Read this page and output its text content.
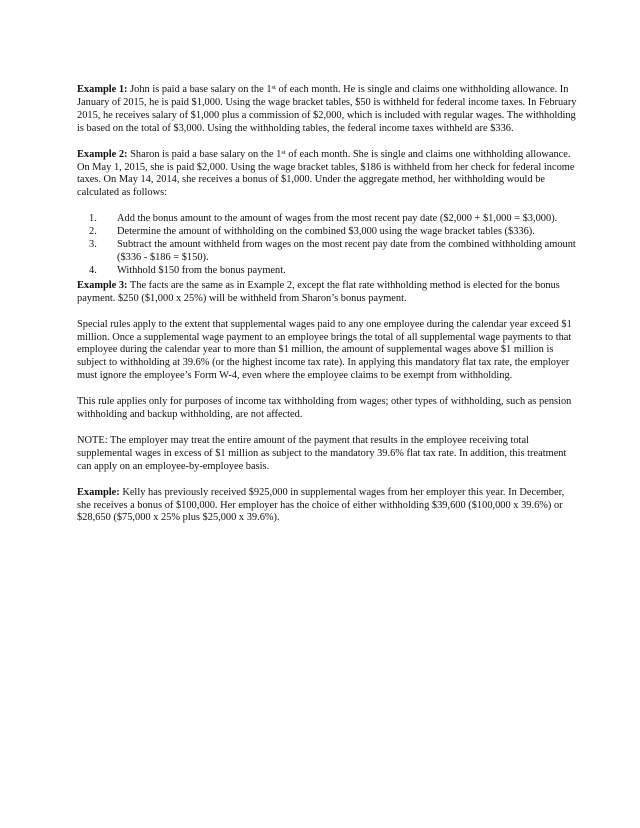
Example 1: John is paid a base salary on the 1st of each month. He is single and claims one withholding allowance. In January of 2015, he is paid $1,000. Using the wage bracket tables, $50 is withheld for federal income taxes. In February 2015, he receives salary of $1,000 plus a commission of $2,000, which is included with regular wages. The withholding is based on the total of $3,000. Using the withholding tables, the federal income taxes withheld are $336.

Example 2: Sharon is paid a base salary on the 1st of each month. She is single and claims one withholding allowance. On May 1, 2015, she is paid $2,000. Using the wage bracket tables, $186 is withheld from her check for federal income taxes. On May 14, 2014, she receives a bonus of $1,000. Under the aggregate method, her withholding would be calculated as follows:

1. Add the bonus amount to the amount of wages from the most recent pay date ($2,000 + $1,000 = $3,000).
2. Determine the amount of withholding on the combined $3,000 using the wage bracket tables ($336).
3. Subtract the amount withheld from wages on the most recent pay date from the combined withholding amount ($336 - $186 = $150).
4. Withhold $150 from the bonus payment.

Example 3: The facts are the same as in Example 2, except the flat rate withholding method is elected for the bonus payment. $250 ($1,000 x 25%) will be withheld from Sharon’s bonus payment.

Special rules apply to the extent that supplemental wages paid to any one employee during the calendar year exceed $1 million. Once a supplemental wage payment to an employee brings the total of all supplemental wage payments to that employee during the calendar year to more than $1 million, the amount of supplemental wages above $1 million is subject to withholding at 39.6% (or the highest income tax rate). In applying this mandatory flat tax rate, the employer must ignore the employee’s Form W-4, even where the employee claims to be exempt from withholding.

This rule applies only for purposes of income tax withholding from wages; other types of withholding, such as pension withholding and backup withholding, are not affected.

NOTE: The employer may treat the entire amount of the payment that results in the employee receiving total supplemental wages in excess of $1 million as subject to the mandatory 39.6% flat tax rate. In addition, this treatment can apply on an employee-by-employee basis.

Example: Kelly has previously received $925,000 in supplemental wages from her employer this year. In December, she receives a bonus of $100,000. Her employer has the choice of either withholding $39,600 ($100,000 x 39.6%) or $28,650 ($75,000 x 25% plus $25,000 x 39.6%).
